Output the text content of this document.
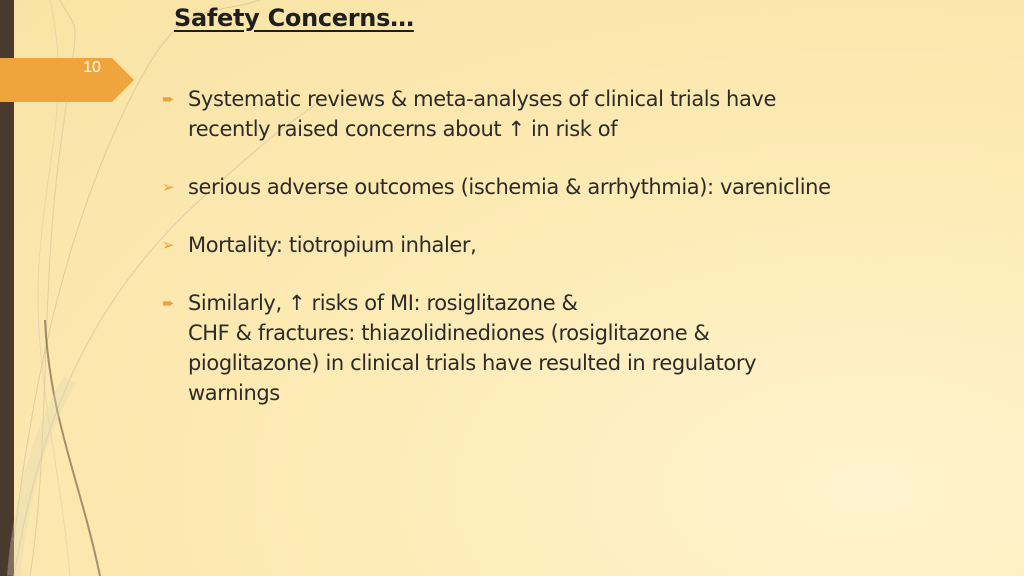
10
Safety Concerns…
➨ Systematic reviews & meta-analyses of clinical trials have
recently raised concerns about ↑ in risk of
➢ serious adverse outcomes (ischemia & arrhythmia): varenicline
➢ Mortality: tiotropium inhaler,
➨ Similarly, ↑ risks of MI: rosiglitazone &
CHF & fractures: thiazolidinediones (rosiglitazone &
pioglitazone) in clinical trials have resulted in regulatory
warnings
